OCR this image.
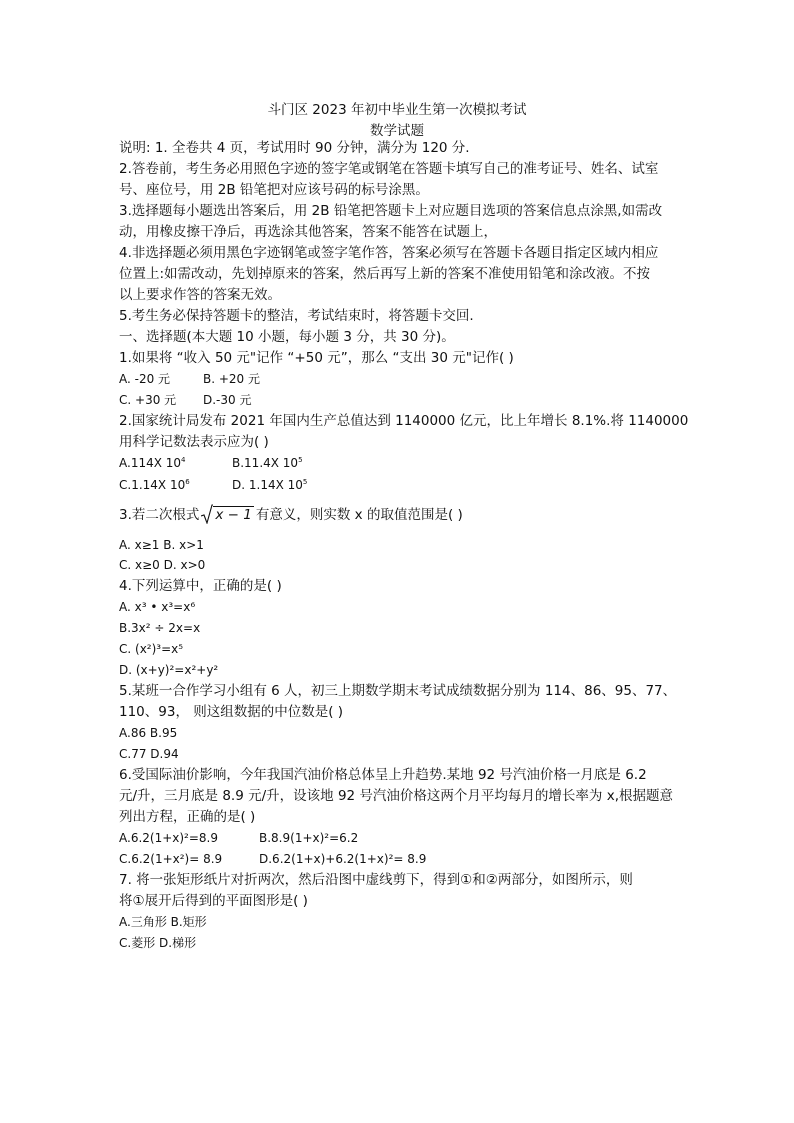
斗门区 2023 年初中毕业生第一次模拟考试
数学试题
说明: 1. 全卷共 4 页，考试用时 90 分钟，满分为 120 分.
2.答卷前，考生务必用照色字迹的签字笔或钢笔在答题卡填写自己的准考证号、姓名、试室
号、座位号，用 2B 铅笔把对应该号码的标号涂黑。
3.选择题每小题选出答案后，用 2B 铅笔把答题卡上对应题目选项的答案信息点涂黑,如需改
动，用橡皮擦干净后，再选涂其他答案，答案不能答在试题上，
4.非选择题必须用黑色字迹钢笔或签字笔作答，答案必须写在答题卡各题目指定区域内相应
位置上:如需改动，先划掉原来的答案，然后再写上新的答案不准使用铅笔和涂改液。不按
以上要求作答的答案无效。
5.考生务必保持答题卡的整洁，考试结束时，将答题卡交回.
一、选择题(本大题 10 小题，每小题 3 分，共 30 分)。
1.如果将 “收入 50 元"记作 “+50 元”，那么 “支出 30 元"记作( )
A. -20 元	B. +20 元
C. +30 元 D.-30 元
2.国家统计局发布 2021 年国内生产总值达到 1140000 亿元，比上年增长 8.1%.将 1140000
用科学记数法表示应为( )
A.114X $10^4$	B.11.4X $10^5$
C.1.14X $10^6$	D. 1.14X $10^5$
3.若二次根式 x − 1 有意义，则实数 x 的取值范围是( )
A. x≥1 B. x>1
C. x≥0 D. x>0
4.下列运算中，正确的是( )
A. x³ • x³=x⁶
B.3x² ÷ 2x=x
C. (x²)³=x⁵
D. (x+y)²=x²+y²
5.某班一合作学习小组有 6 人，初三上期数学期末考试成绩数据分别为 114、86、95、77、
110、93， 则这组数据的中位数是( )
A.86 B.95
C.77 D.94
6.受国际油价影响，今年我国汽油价格总体呈上升趋势.某地 92 号汽油价格一月底是 6.2
元/升，三月底是 8.9 元/升，设该地 92 号汽油价格这两个月平均每月的增长率为 x,根据题意
列出方程，正确的是( )
A.6.2(1+x)²=8.9	B.8.9(1+x)²=6.2
C.6.2(1+x²)= 8.9	D.6.2(1+x)+6.2(1+x)²= 8.9
7. 将一张矩形纸片对折两次，然后沿图中虚线剪下，得到①和②两部分，如图所示，则
将①展开后得到的平面图形是( )
A.三角形 B.矩形
C.菱形 D.梯形
